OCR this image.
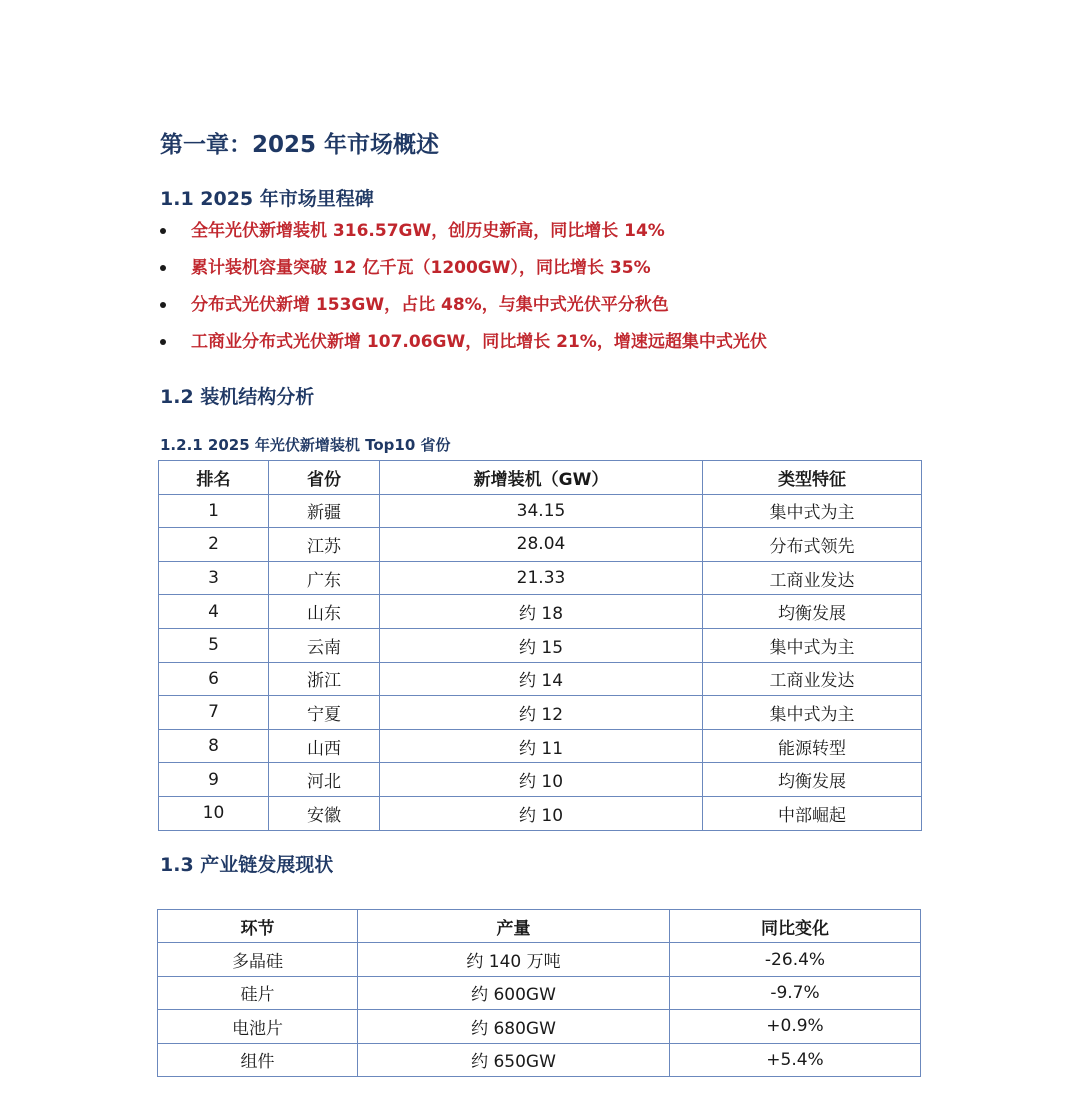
第一章：2025 年市场概述
1.1 2025 年市场里程碑
全年光伏新增装机 316.57GW，创历史新高，同比增长 14%
累计装机容量突破 12 亿千瓦（1200GW），同比增长 35%
分布式光伏新增 153GW，占比 48%，与集中式光伏平分秋色
工商业分布式光伏新增 107.06GW，同比增长 21%，增速远超集中式光伏
1.2 装机结构分析
1.2.1 2025 年光伏新增装机 Top10 省份
排名	省份	新增装机（GW）	类型特征
1	新疆	34.15	集中式为主
2	江苏	28.04	分布式领先
3	广东	21.33	工商业发达
4	山东	约 18	均衡发展
5	云南	约 15	集中式为主
6	浙江	约 14	工商业发达
7	宁夏	约 12	集中式为主
8	山西	约 11	能源转型
9	河北	约 10	均衡发展
10	安徽	约 10	中部崛起
1.3 产业链发展现状
环节	产量	同比变化
多晶硅	约 140 万吨	-26.4%
硅片	约 600GW	-9.7%
电池片	约 680GW	+0.9%
组件	约 650GW	+5.4%
